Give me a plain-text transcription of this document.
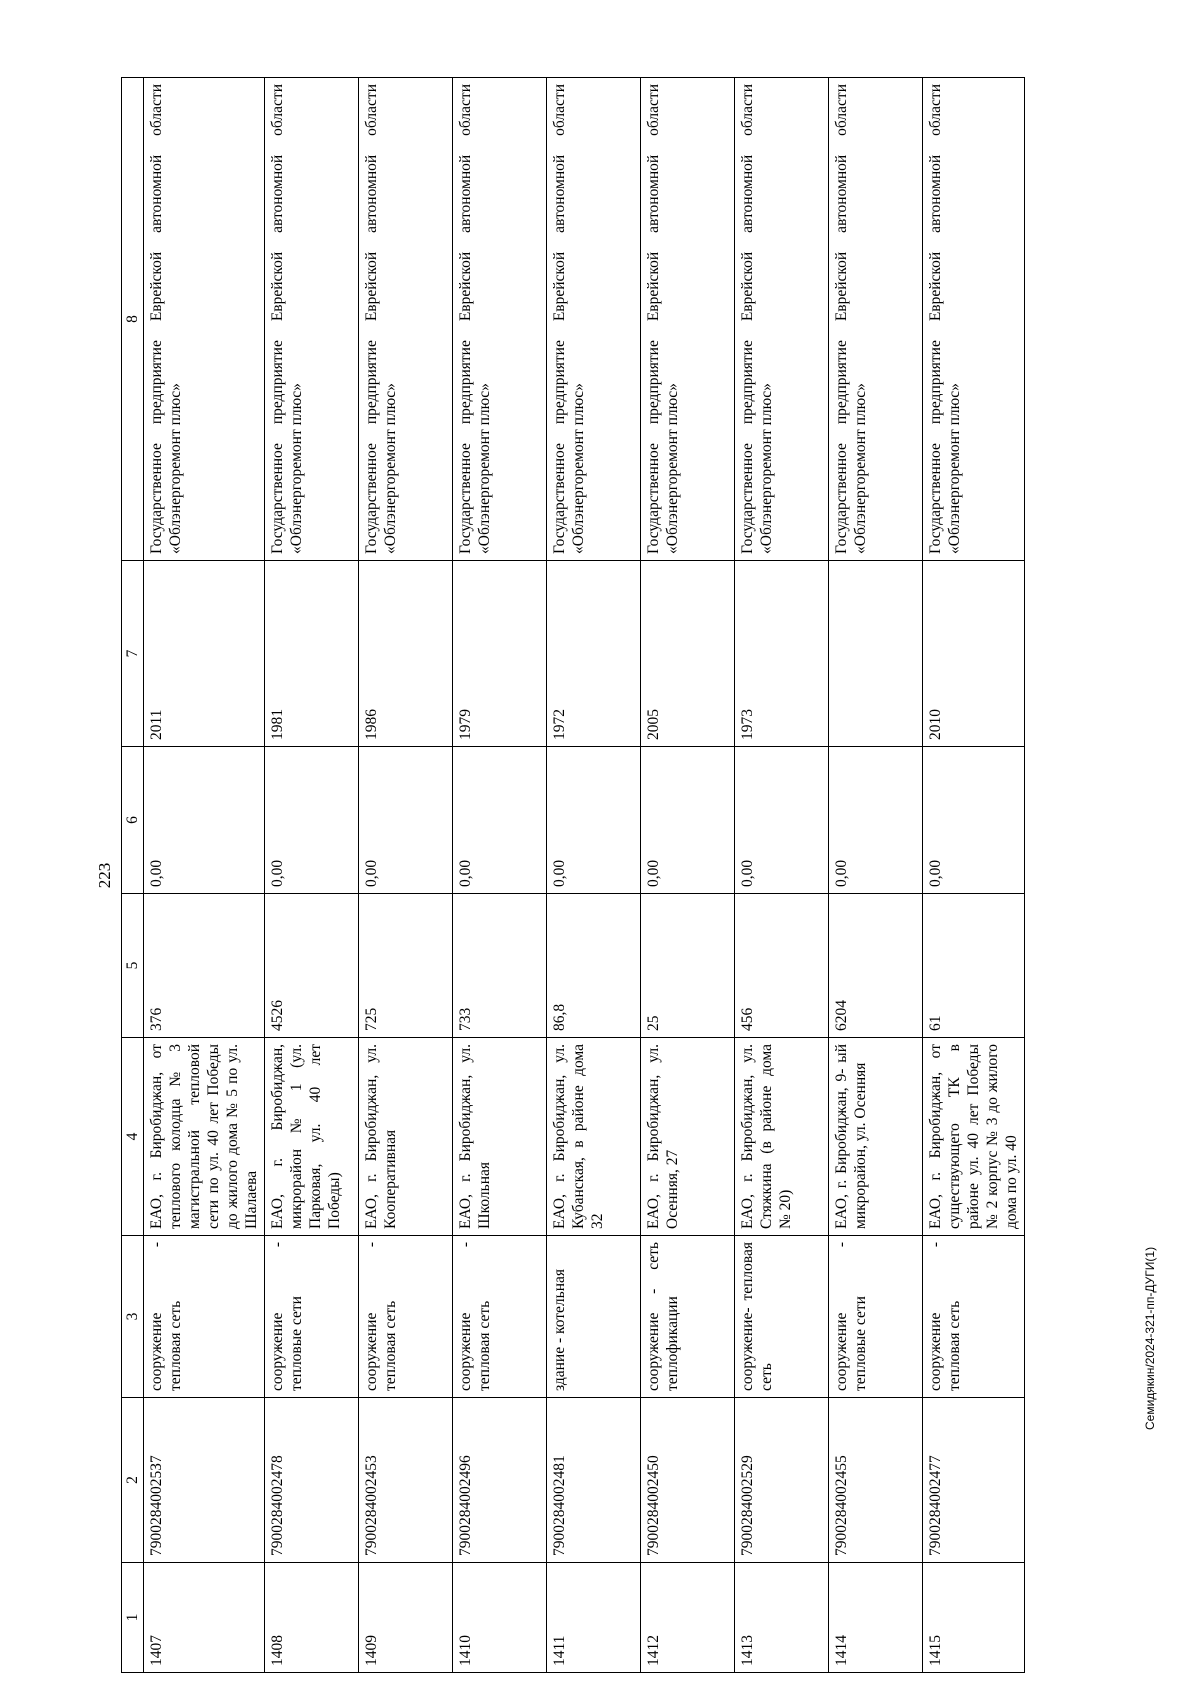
223
1	2	3	4	5	6	7	8
1407	79002840025З7	сооружение - тепловая сеть	ЕАО, г. Биробиджан, от теплового колодца № 3 магистральной тепловой сети по ул. 40 лет Победы до жилого дома № 5 по ул. Шалаева	376	0,00	2011	Государственное предприятие Еврейской автономной области «Облэнергоремонт плюс»
1408	7900284002478	сооружение - тепловые сети	ЕАО, г. Биробиджан, микрорайон № 1 (ул. Парковая, ул. 40 лет Победы)	4526	0,00	1981	Государственное предприятие Еврейской автономной области «Облэнергоремонт плюс»
1409	7900284002453	сооружение - тепловая сеть	ЕАО, г. Биробиджан, ул. Кооперативная	725	0,00	1986	Государственное предприятие Еврейской автономной области «Облэнергоремонт плюс»
1410	7900284002496	сооружение - тепловая сеть	ЕАО, г. Биробиджан, ул. Школьная	733	0,00	1979	Государственное предприятие Еврейской автономной области «Облэнергоремонт плюс»
1411	7900284002481	здание - котельная	ЕАО, г. Биробиджан, ул. Кубанская, в районе дома 32	86,8	0,00	1972	Государственное предприятие Еврейской автономной области «Облэнергоремонт плюс»
1412	7900284002450	сооружение - сеть теплофикации	ЕАО, г. Биробиджан, ул. Осенняя, 27	25	0,00	2005	Государственное предприятие Еврейской автономной области «Облэнергоремонт плюс»
1413	7900284002529	сооружение- тепловая сеть	ЕАО, г. Биробиджан, ул. Стяжкина (в районе дома № 20)	456	0,00	1973	Государственное предприятие Еврейской автономной области «Облэнергоремонт плюс»
1414	7900284002455	сооружение - тепловые сети	ЕАО, г. Биробиджан, 9- ый микрорайон, ул. Осенняя	6204	0,00		Государственное предприятие Еврейской автономной области «Облэнергоремонт плюс»
1415	7900284002477	сооружение - тепловая сеть	ЕАО, г. Биробиджан, от существующего ТК в районе ул. 40 лет Победы № 2 корпус № 3 до жилого дома по ул. 40	61	0,00	2010	Государственное предприятие Еврейской автономной области «Облэнергоремонт плюс»
Семидякин/2024-321-пп-ДУГИ(1)
